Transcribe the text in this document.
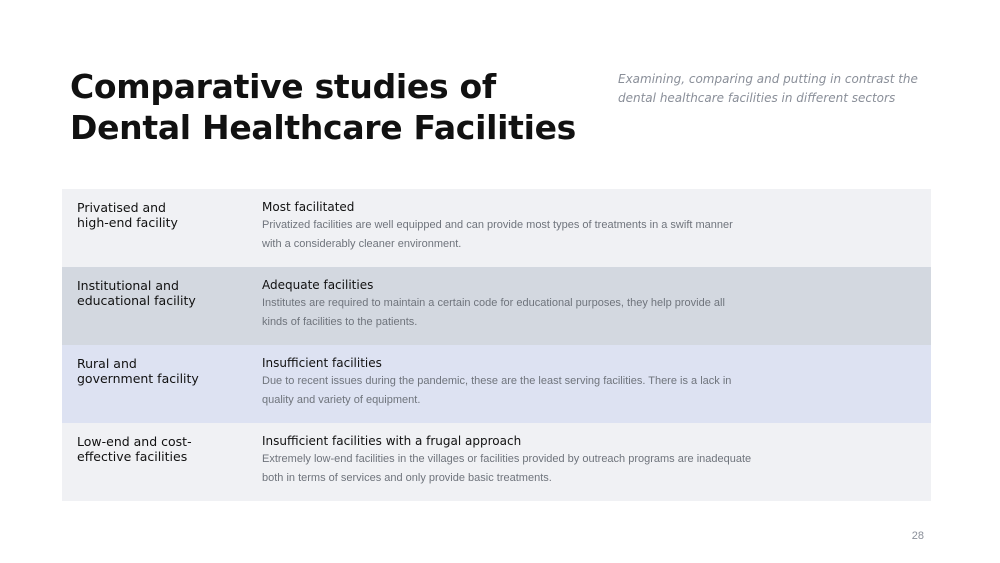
Comparative studies of
Dental Healthcare Facilities
Examining, comparing and putting in contrast the dental healthcare facilities in different sectors
Privatised and
high-end facility
Most facilitated
Privatized facilities are well equipped and can provide most types of treatments in a swift manner with a considerably cleaner environment.
Institutional and
educational facility
Adequate facilities
Institutes are required to maintain a certain code for educational purposes, they help provide all kinds of facilities to the patients.
Rural and
government facility
Insufficient facilities
Due to recent issues during the pandemic, these are the least serving facilities. There is a lack in quality and variety of equipment.
Low-end and cost-
effective facilities
Insufficient facilities with a frugal approach
Extremely low-end facilities in the villages or facilities provided by outreach programs are inadequate both in terms of services and only provide basic treatments.
28
